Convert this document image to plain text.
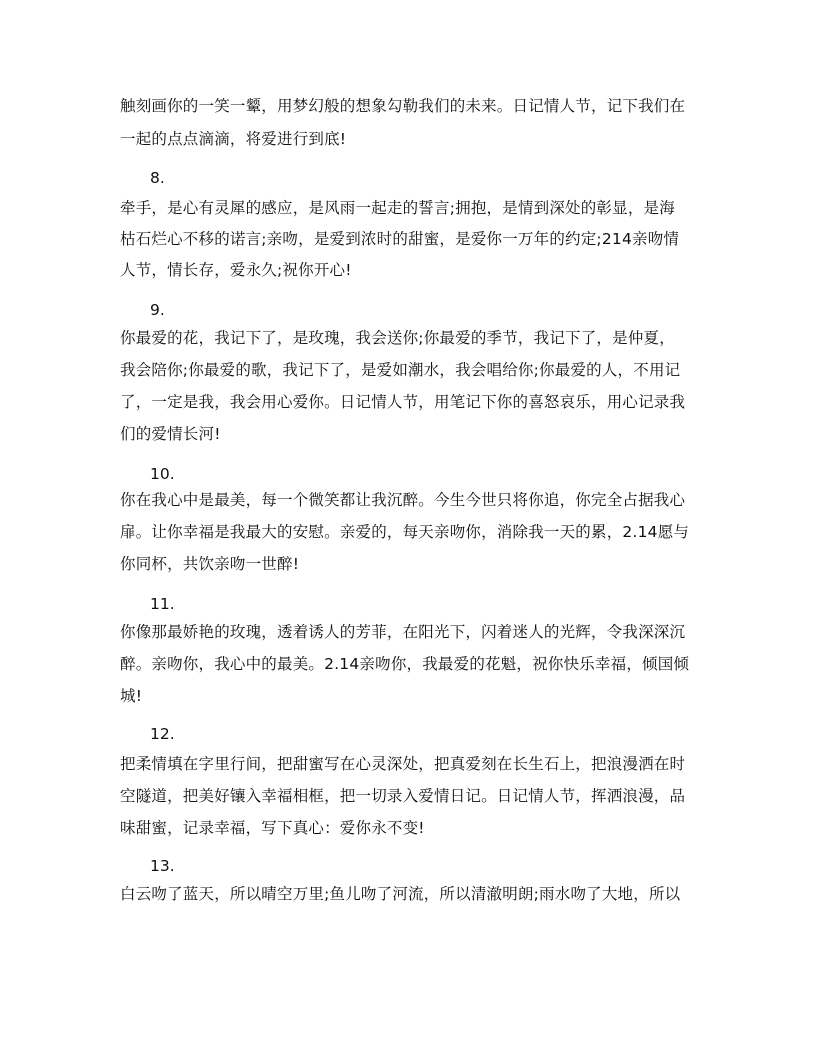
触刻画你的一笑一颦，用梦幻般的想象勾勒我们的未来。日记情人节，记下我们在
一起的点点滴滴，将爱进行到底!
8.
牵手，是心有灵犀的感应，是风雨一起走的誓言;拥抱，是情到深处的彰显，是海
枯石烂心不移的诺言;亲吻，是爱到浓时的甜蜜，是爱你一万年的约定;214亲吻情
人节，情长存，爱永久;祝你开心!
9.
你最爱的花，我记下了，是玫瑰，我会送你;你最爱的季节，我记下了，是仲夏，
我会陪你;你最爱的歌，我记下了，是爱如潮水，我会唱给你;你最爱的人，不用记
了，一定是我，我会用心爱你。日记情人节，用笔记下你的喜怒哀乐，用心记录我
们的爱情长河!
10.
你在我心中是最美，每一个微笑都让我沉醉。今生今世只将你追，你完全占据我心
扉。让你幸福是我最大的安慰。亲爱的，每天亲吻你，消除我一天的累，2.14愿与
你同杯，共饮亲吻一世醉!
11.
你像那最娇艳的玫瑰，透着诱人的芳菲，在阳光下，闪着迷人的光辉，令我深深沉
醉。亲吻你，我心中的最美。2.14亲吻你，我最爱的花魁，祝你快乐幸福，倾国倾
城!
12.
把柔情填在字里行间，把甜蜜写在心灵深处，把真爱刻在长生石上，把浪漫洒在时
空隧道，把美好镶入幸福相框，把一切录入爱情日记。日记情人节，挥洒浪漫，品
味甜蜜，记录幸福，写下真心：爱你永不变!
13.
白云吻了蓝天，所以晴空万里;鱼儿吻了河流，所以清澈明朗;雨水吻了大地，所以
